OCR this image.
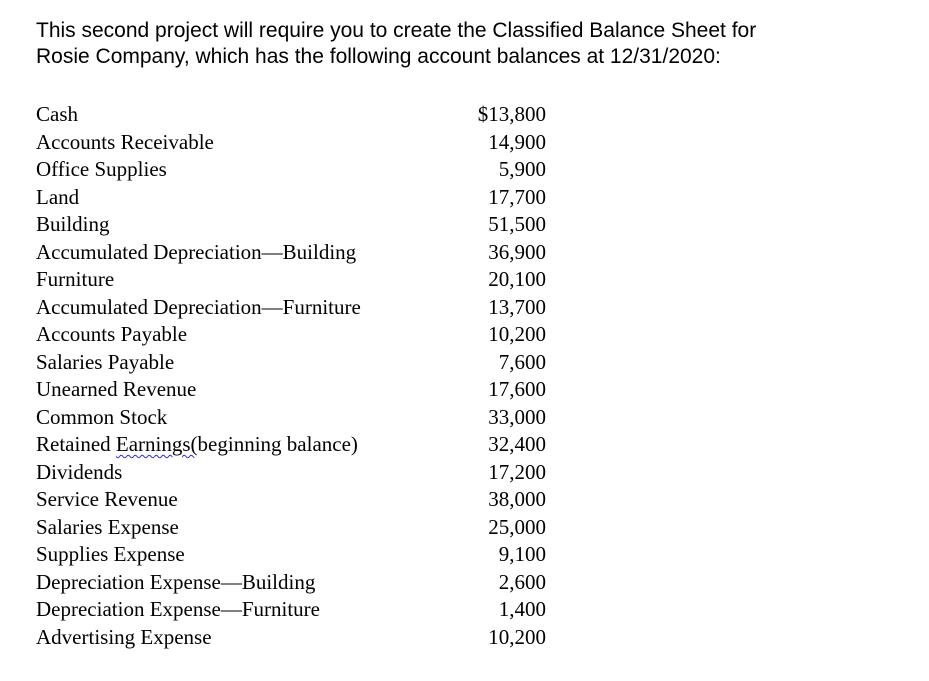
This second project will require you to create the Classified Balance Sheet for
Rosie Company, which has the following account balances at 12/31/2020:
Cash	$13,800
Accounts Receivable	14,900
Office Supplies	5,900
Land	17,700
Building	51,500
Accumulated Depreciation—Building	36,900
Furniture	20,100
Accumulated Depreciation—Furniture	13,700
Accounts Payable	10,200
Salaries Payable	7,600
Unearned Revenue	17,600
Common Stock	33,000
Retained Earnings(beginning balance)	32,400
Dividends	17,200
Service Revenue	38,000
Salaries Expense	25,000
Supplies Expense	9,100
Depreciation Expense—Building	2,600
Depreciation Expense—Furniture	1,400
Advertising Expense	10,200
